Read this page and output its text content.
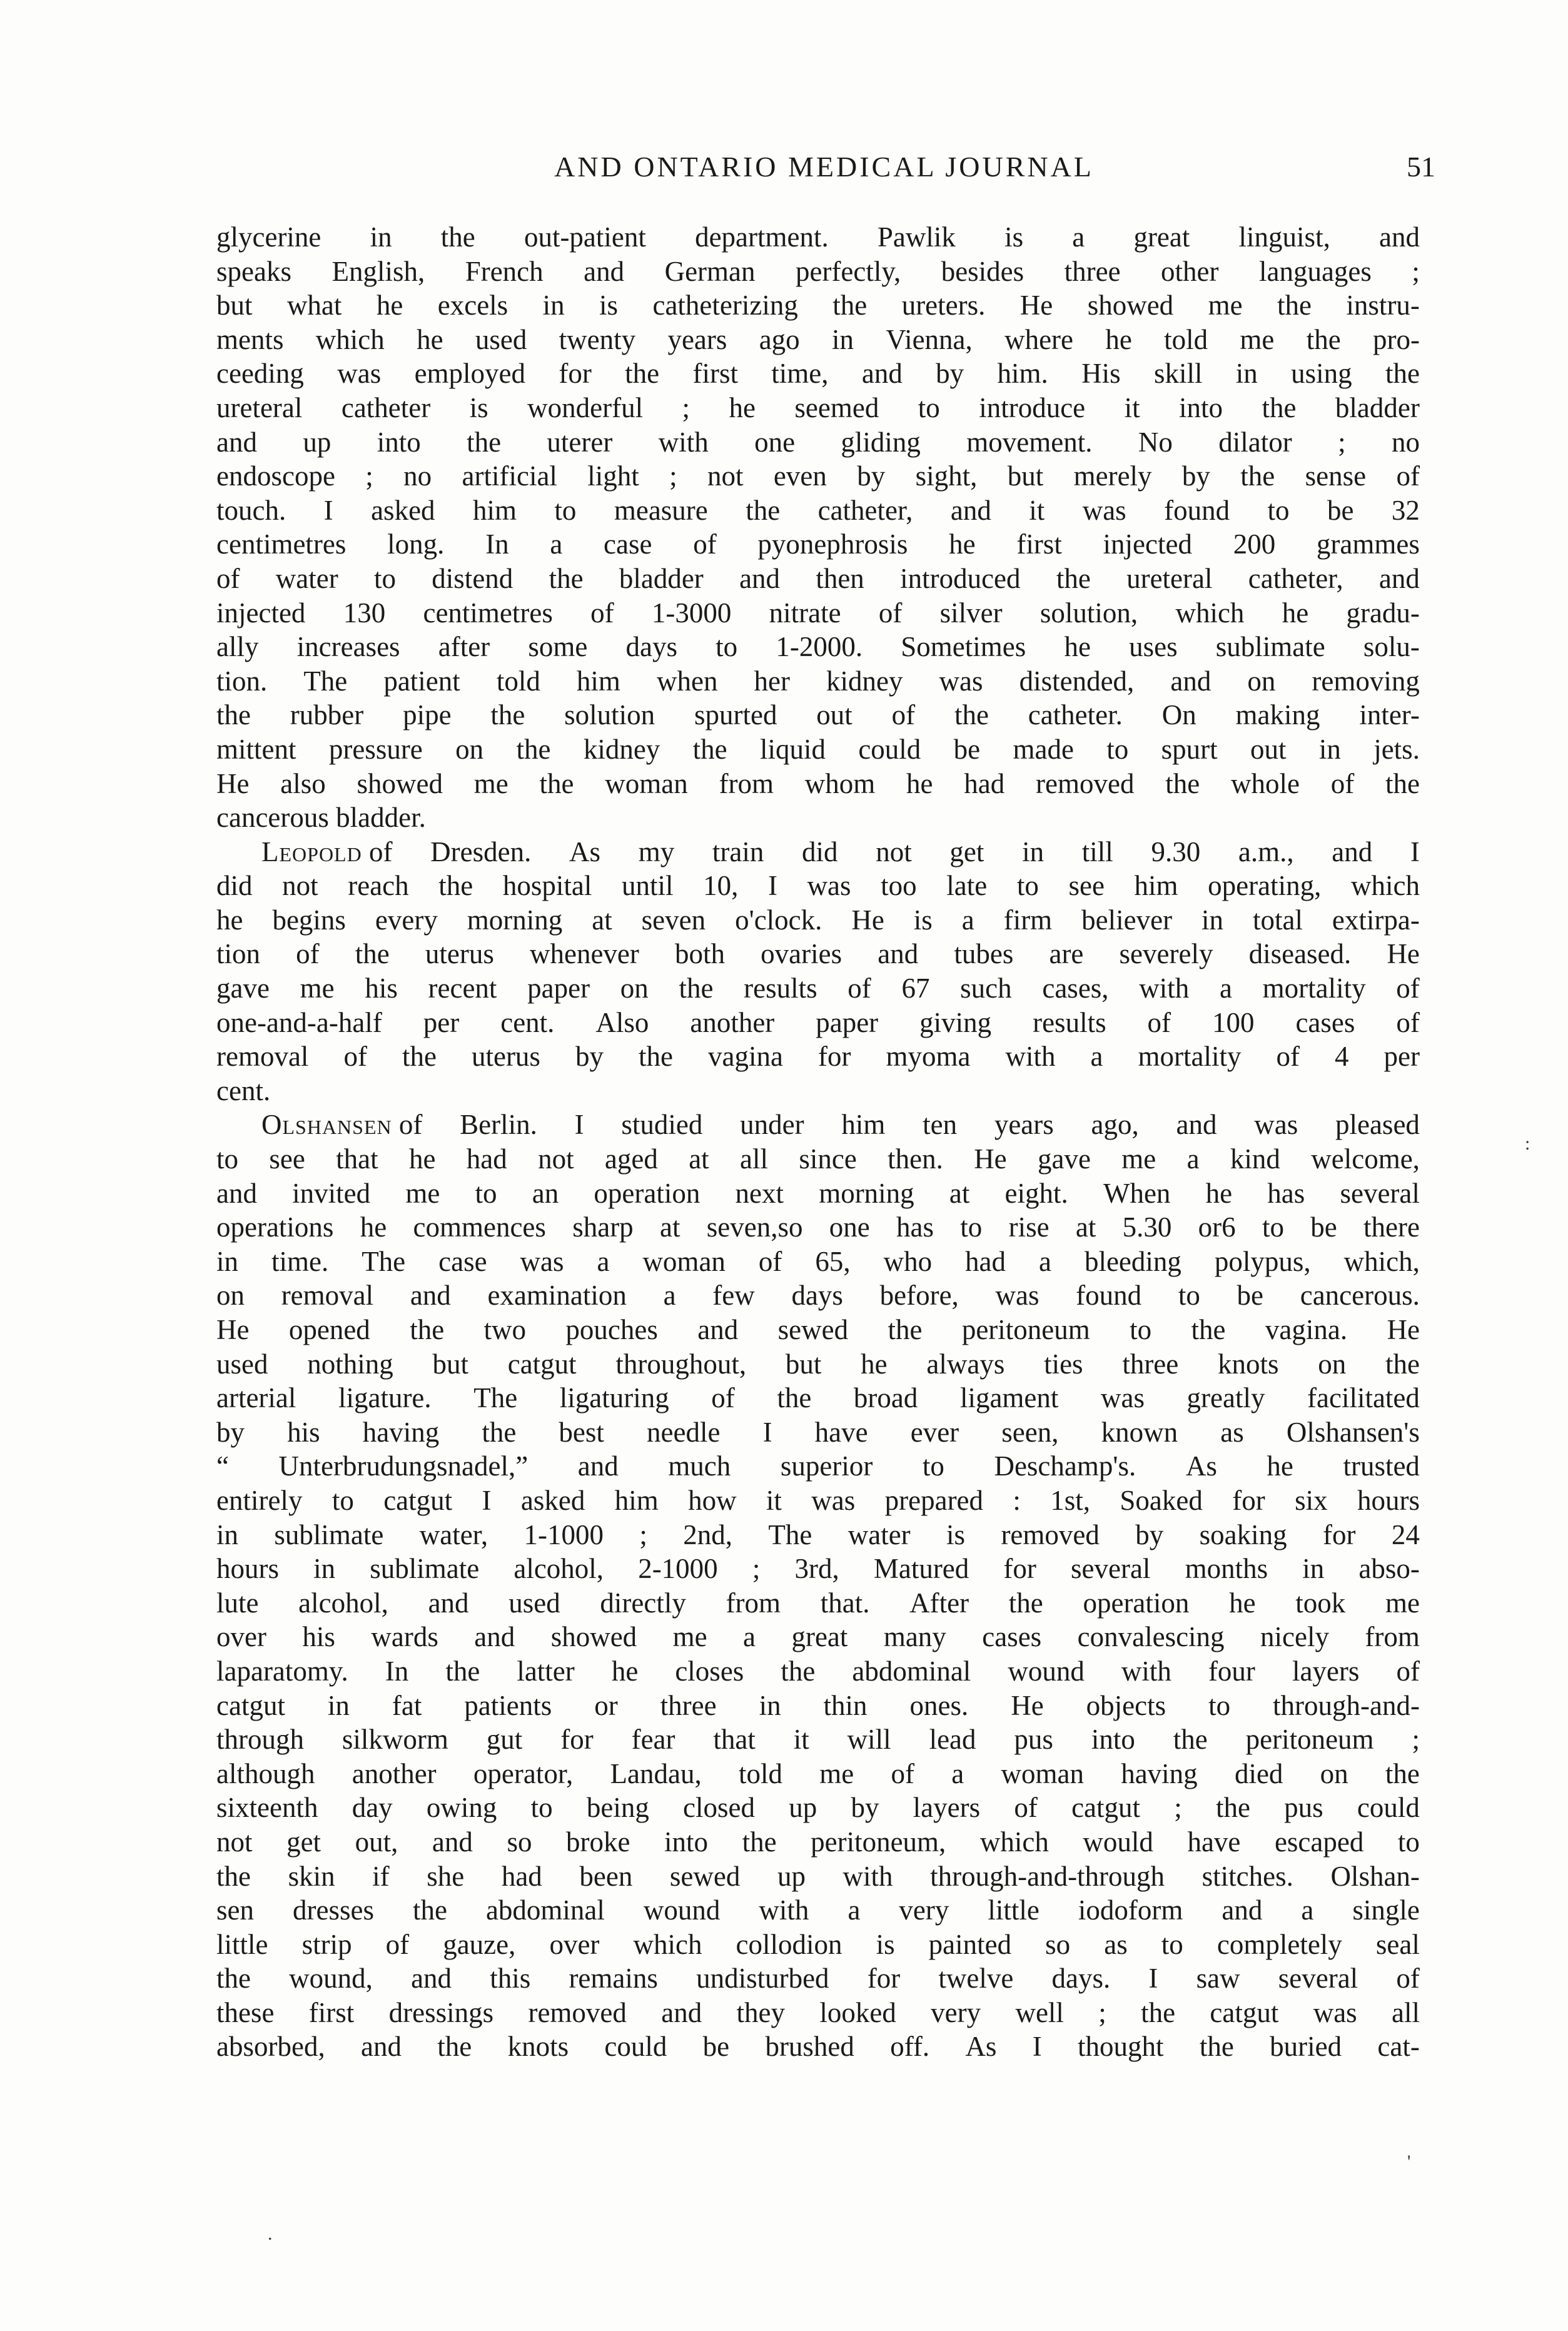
AND ONTARIO MEDICAL JOURNAL	51
glycerine in the out-patient department. Pawlik is a great linguist, and
speaks English, French and German perfectly, besides three other languages ;
but what he excels in is catheterizing the ureters. He showed me the instru-
ments which he used twenty years ago in Vienna, where he told me the pro-
ceeding was employed for the first time, and by him. His skill in using the
ureteral catheter is wonderful ; he seemed to introduce it into the bladder
and up into the uterer with one gliding movement. No dilator ; no
endoscope ; no artificial light ; not even by sight, but merely by the sense of
touch. I asked him to measure the catheter, and it was found to be 32
centimetres long. In a case of pyonephrosis he first injected 200 grammes
of water to distend the bladder and then introduced the ureteral catheter, and
injected 130 centimetres of 1-3000 nitrate of silver solution, which he gradu-
ally increases after some days to 1-2000. Sometimes he uses sublimate solu-
tion. The patient told him when her kidney was distended, and on removing
the rubber pipe the solution spurted out of the catheter. On making inter-
mittent pressure on the kidney the liquid could be made to spurt out in jets.
He also showed me the woman from whom he had removed the whole of the
cancerous
bladder.
Leopold of Dresden. As my train did not get in till 9.30 a.m., and I
did not reach the hospital until 10, I was too late to see him operating, which
he begins every morning at seven o'clock. He is a firm believer in total extirpa-
tion of the uterus whenever both ovaries and tubes are severely diseased. He
gave me his recent paper on the results of 67 such cases, with a mortality of
one-and-a-half per cent. Also another paper giving results of 100 cases of
removal of the uterus by the vagina for myoma with a mortality of 4 per
cent.
Olshansen of Berlin. I studied under him ten years ago, and was pleased
to see that he had not aged at all since then. He gave me a kind welcome,
and invited me to an operation next morning at eight. When he has several
operations he commences sharp at seven,so one has to rise at 5.30 or6 to be there
in time. The case was a woman of 65, who had a bleeding polypus, which,
on removal and examination a few days before, was found to be cancerous.
He opened the two pouches and sewed the peritoneum to the vagina. He
used nothing but catgut throughout, but he always ties three knots on the
arterial ligature. The ligaturing of the broad ligament was greatly facilitated
by his having the best needle I have ever seen, known as Olshansen's
“ Unterbrudungsnadel,” and much superior to Deschamp's. As he trusted
entirely to catgut I asked him how it was prepared : 1st, Soaked for six hours
in sublimate water, 1-1000 ; 2nd, The water is removed by soaking for 24
hours in sublimate alcohol, 2-1000 ; 3rd, Matured for several months in abso-
lute alcohol, and used directly from that. After the operation he took me
over his wards and showed me a great many cases convalescing nicely from
laparatomy. In the latter he closes the abdominal wound with four layers of
catgut in fat patients or three in thin ones. He objects to through-and-
through silkworm gut for fear that it will lead pus into the peritoneum ;
although another operator, Landau, told me of a woman having died on the
sixteenth day owing to being closed up by layers of catgut ; the pus could
not get out, and so broke into the peritoneum, which would have escaped to
the skin if she had been sewed up with through-and-through stitches. Olshan-
sen dresses the abdominal wound with a very little iodoform and a single
little strip of gauze, over which collodion is painted so as to completely seal
the wound, and this remains undisturbed for twelve days. I saw several of
these first dressings removed and they looked very well ; the catgut was all
absorbed, and the knots could be brushed off. As I thought the buried cat-
:
'
.
